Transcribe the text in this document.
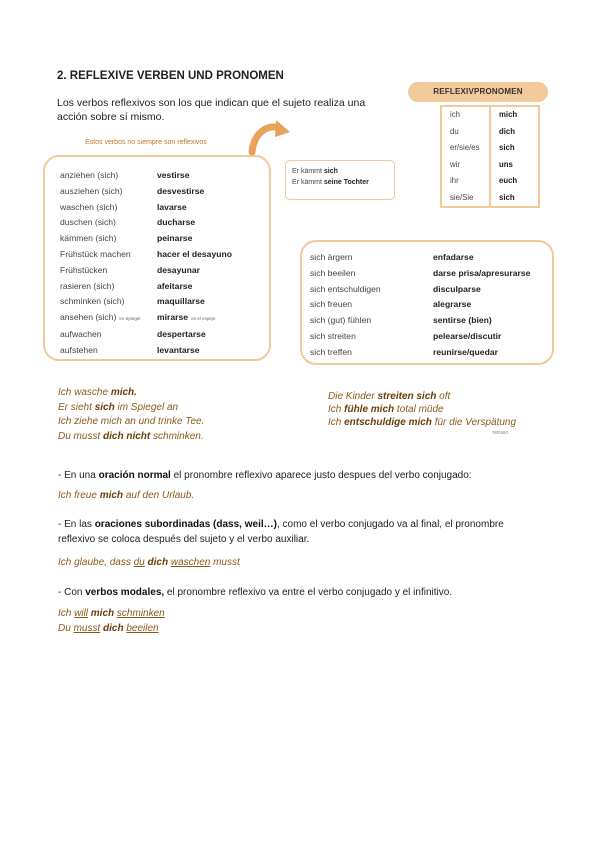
2. REFLEXIVE VERBEN UND PRONOMEN
Los verbos reflexivos son los que indican que el sujeto realiza una acción sobre sí mismo.
Estos verbos no siempre son reflexivos
anziehen (sich)	vestirse
ausziehen (sich)	desvestirse
waschen (sich)	lavarse
duschen (sich)	ducharse
kämmen (sich)	peinarse
Frühstück machen	hacer el desayuno
Frühstücken	desayunar
rasieren (sich)	afeitarse
schminken (sich)	maquillarse
ansehen (sich) im Spiegel	mirarse en el espejo
aufwachen	despertarse
aufstehen	levantarse
Er kämmt sich
Er kämmt seine Tochter
REFLEXIVPRONOMEN
ich	mich
du	dich
er/sie/es	sich
wir	uns
ihr	euch
sie/Sie	sich
sich ärgern	enfadarse
sich beeilen	darse prisa/apresurarse
sich entschuldigen	disculparse
sich freuen	alegrarse
sich (gut) fühlen	sentirse (bien)
sich streiten	pelearse/discutir
sich treffen	reunirse/quedar
Ich wasche mich.
Er sieht sich im Spiegel an
Ich ziehe mich an und trinke Tee.
Du musst dich nicht schminken.
Die Kinder streiten sich oft
Ich fühle mich total müde
Ich entschuldige mich für die Verspätung
retraso
- En una oración normal el pronombre reflexivo aparece justo despues del verbo conjugado:
Ich freue mich auf den Urlaub.
- En las oraciones subordinadas (dass, weil…), como el verbo conjugado va al final, el pronombre reflexivo se coloca después del sujeto y el verbo auxiliar.
Ich glaube, dass du dich waschen musst
- Con verbos modales, el pronombre reflexivo va entre el verbo conjugado y el infinitivo.
Ich will mich schminken
Du musst dich beeilen
